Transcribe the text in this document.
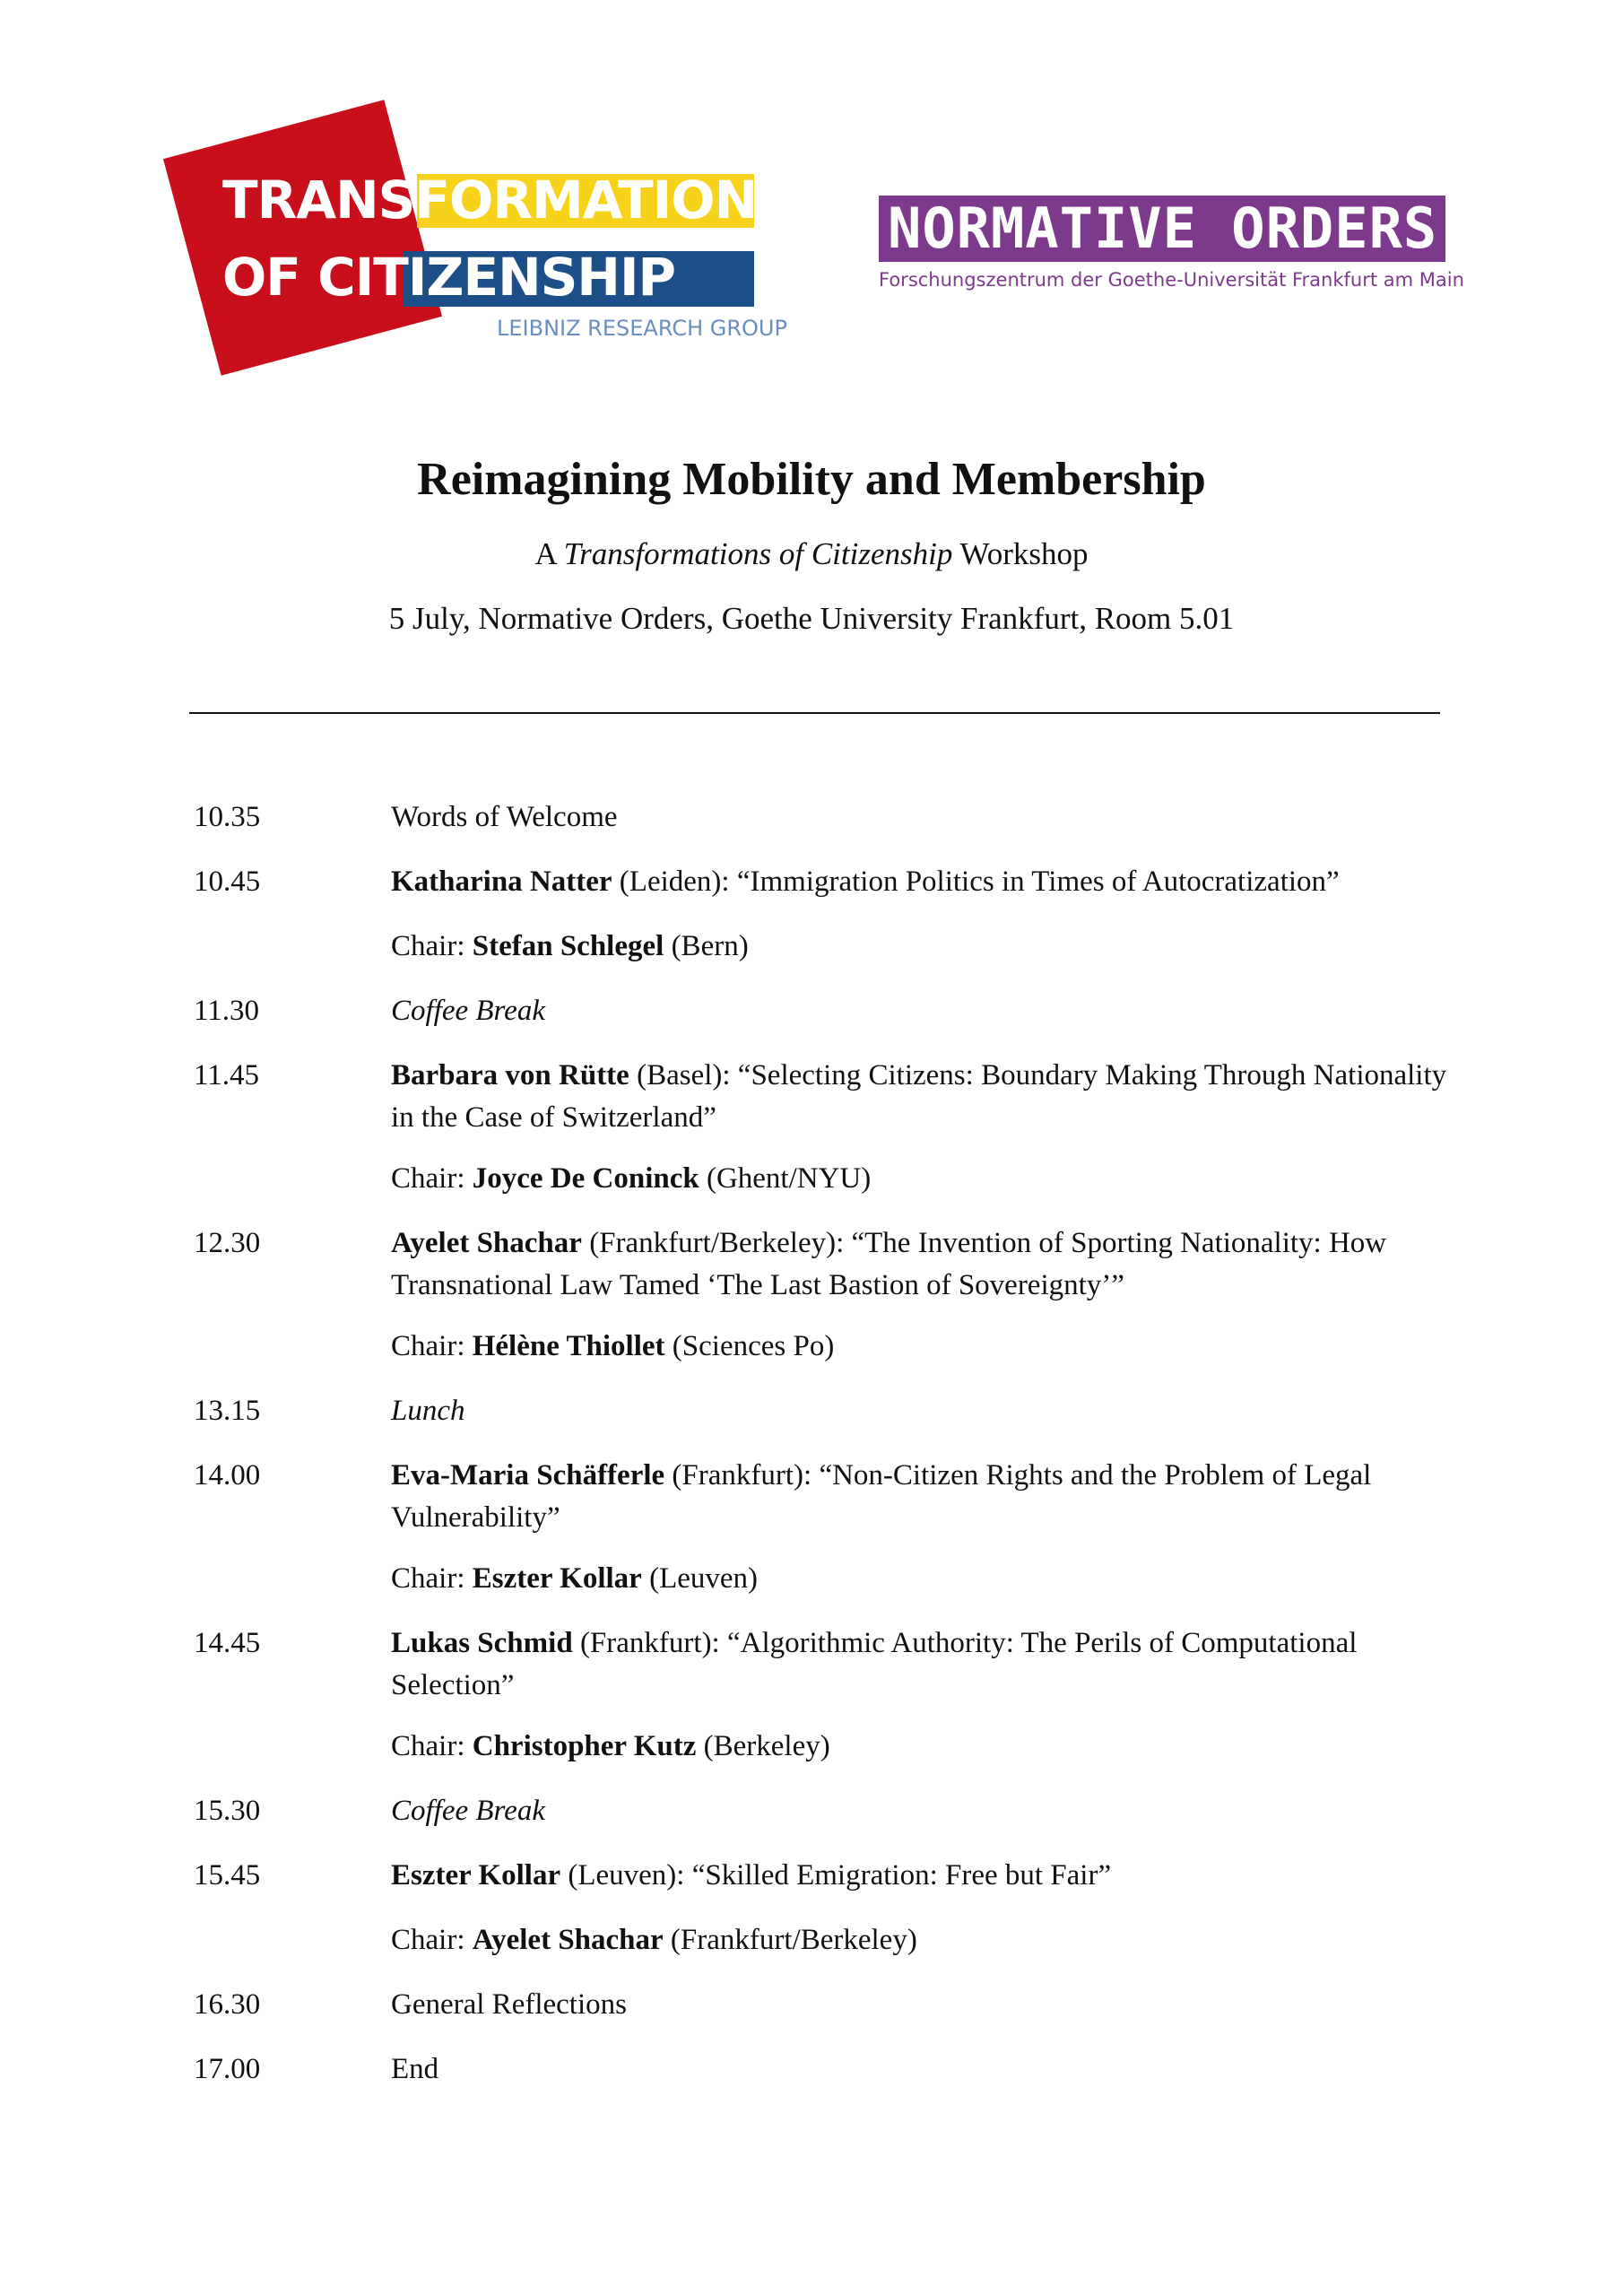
TRANSFORMATIONS
OF CITIZENSHIP
LEIBNIZ RESEARCH GROUP
NORMATIVE ORDERS
Forschungszentrum der Goethe-Universität Frankfurt am Main
Reimagining Mobility and Membership
A Transformations of Citizenship Workshop
5 July, Normative Orders, Goethe University Frankfurt, Room 5.01
10.35	Words of Welcome
10.45	Katharina Natter (Leiden): “Immigration Politics in Times of Autocratization”
Chair: Stefan Schlegel (Bern)
11.30	Coffee Break
11.45	Barbara von Rütte (Basel): “Selecting Citizens: Boundary Making Through Nationality in the Case of Switzerland”
Chair: Joyce De Coninck (Ghent/NYU)
12.30	Ayelet Shachar (Frankfurt/Berkeley): “The Invention of Sporting Nationality: How Transnational Law Tamed ‘The Last Bastion of Sovereignty’”
Chair: Hélène Thiollet (Sciences Po)
13.15	Lunch
14.00	Eva-Maria Schäfferle (Frankfurt): “Non-Citizen Rights and the Problem of Legal Vulnerability”
Chair: Eszter Kollar (Leuven)
14.45	Lukas Schmid (Frankfurt): “Algorithmic Authority: The Perils of Computational Selection”
Chair: Christopher Kutz (Berkeley)
15.30	Coffee Break
15.45	Eszter Kollar (Leuven): “Skilled Emigration: Free but Fair”
Chair: Ayelet Shachar (Frankfurt/Berkeley)
16.30	General Reflections
17.00	End
